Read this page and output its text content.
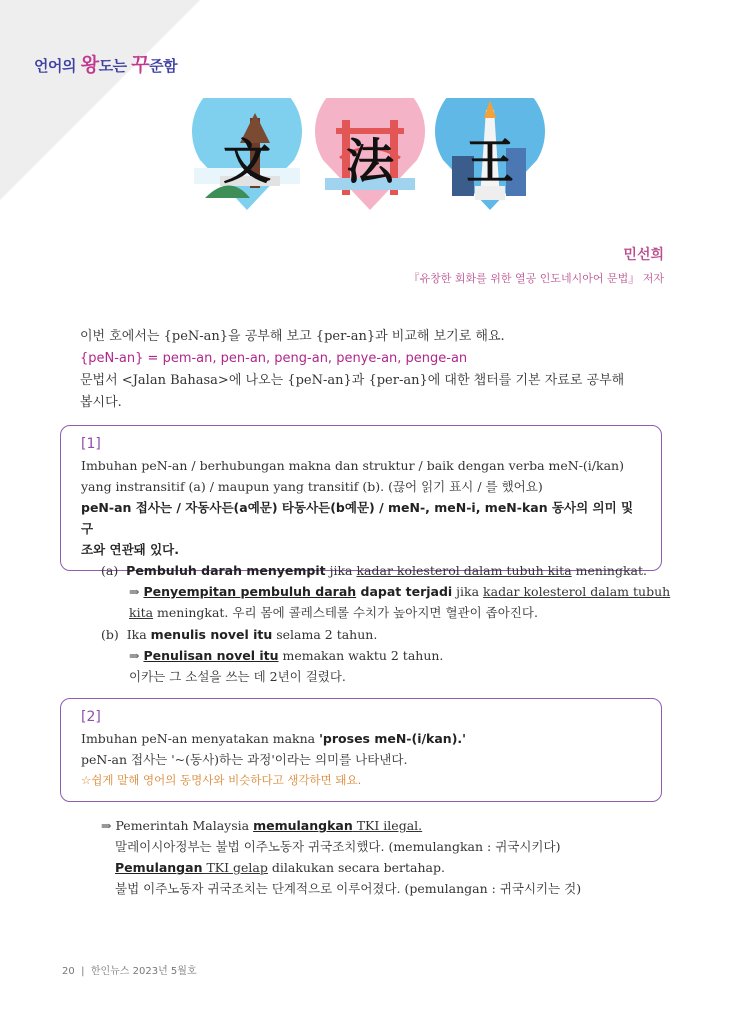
언어의 왕도는 꾸준함
文 法 王
민선희
『유창한 회화를 위한 열공 인도네시아어 문법』 저자
이번 호에서는 {peN-an}을 공부해 보고 {per-an}과 비교해 보기로 해요.
{peN-an} = pem-an, pen-an, peng-an, penye-an, penge-an
문법서 <Jalan Bahasa>에 나오는 {peN-an}과 {per-an}에 대한 챕터를 기본 자료로 공부해
봅시다.
[1]
Imbuhan peN-an / berhubungan makna dan struktur / baik dengan verba meN-(i/kan)
yang instransitif (a) / maupun yang transitif (b). (끊어 읽기 표시 / 를 했어요)
peN-an 접사는 / 자동사든(a예문) 타동사든(b예문) / meN-, meN-i, meN-kan 동사의 의미 및 구
조와 연관돼 있다.
(a) Pembuluh darah menyempit jika kadar kolesterol dalam tubuh kita meningkat.
⇒ Penyempitan pembuluh darah dapat terjadi jika kadar kolesterol dalam tubuh
kita meningkat. 우리 몸에 콜레스테롤 수치가 높아지면 혈관이 좁아진다.
(b) Ika menulis novel itu selama 2 tahun.
⇒ Penulisan novel itu memakan waktu 2 tahun.
이카는 그 소설을 쓰는 데 2년이 걸렸다.
[2]
Imbuhan peN-an menyatakan makna 'proses meN-(i/kan).'
peN-an 접사는 '~(동사)하는 과정'이라는 의미를 나타낸다.
☆쉽게 말해 영어의 동명사와 비슷하다고 생각하면 돼요.
⇒ Pemerintah Malaysia memulangkan TKI ilegal.
말레이시아정부는 불법 이주노동자 귀국조치했다. (memulangkan : 귀국시키다)
Pemulangan TKI gelap dilakukan secara bertahap.
불법 이주노동자 귀국조치는 단계적으로 이루어졌다. (pemulangan : 귀국시키는 것)
20 | 한인뉴스 2023년 5월호
